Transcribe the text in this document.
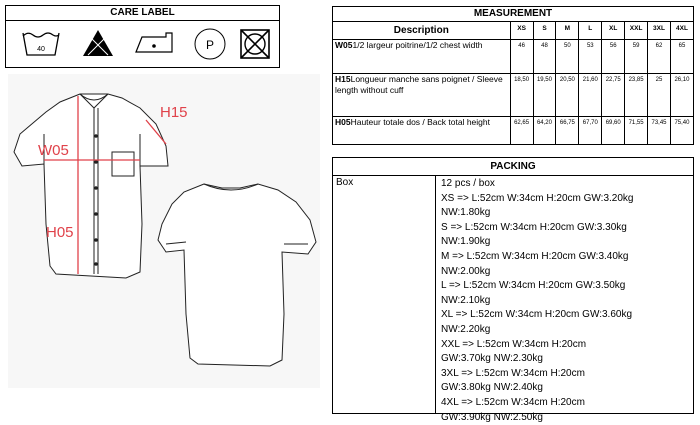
CARE LABEL
40	P
H15
W05
H05
MEASUREMENT								
Description	XS	S	M	L	XL	XXL	3XL	4XL
W051/2 largeur poitrine/1/2 chest width	46	48	50	53	56	59	62	65
H15Longueur manche sans poignet / Sleeve length without cuff	18,50	19,50	20,50	21,60	22,75	23,85	25	26,10
H05Hauteur totale dos / Back total height	62,65	64,20	66,75	67,70	69,60	71,55	73,45	75,40
PACKING
Box	12 pcs / box
XS => L:52cm W:34cm H:20cm GW:3.20kg
NW:1.80kg
S => L:52cm W:34cm H:20cm GW:3.30kg
NW:1.90kg
M => L:52cm W:34cm H:20cm GW:3.40kg
NW:2.00kg
L => L:52cm W:34cm H:20cm GW:3.50kg
NW:2.10kg
XL => L:52cm W:34cm H:20cm GW:3.60kg
NW:2.20kg
XXL => L:52cm W:34cm H:20cm
GW:3.70kg NW:2.30kg
3XL => L:52cm W:34cm H:20cm
GW:3.80kg NW:2.40kg
4XL => L:52cm W:34cm H:20cm
GW:3.90kg NW:2.50kg
